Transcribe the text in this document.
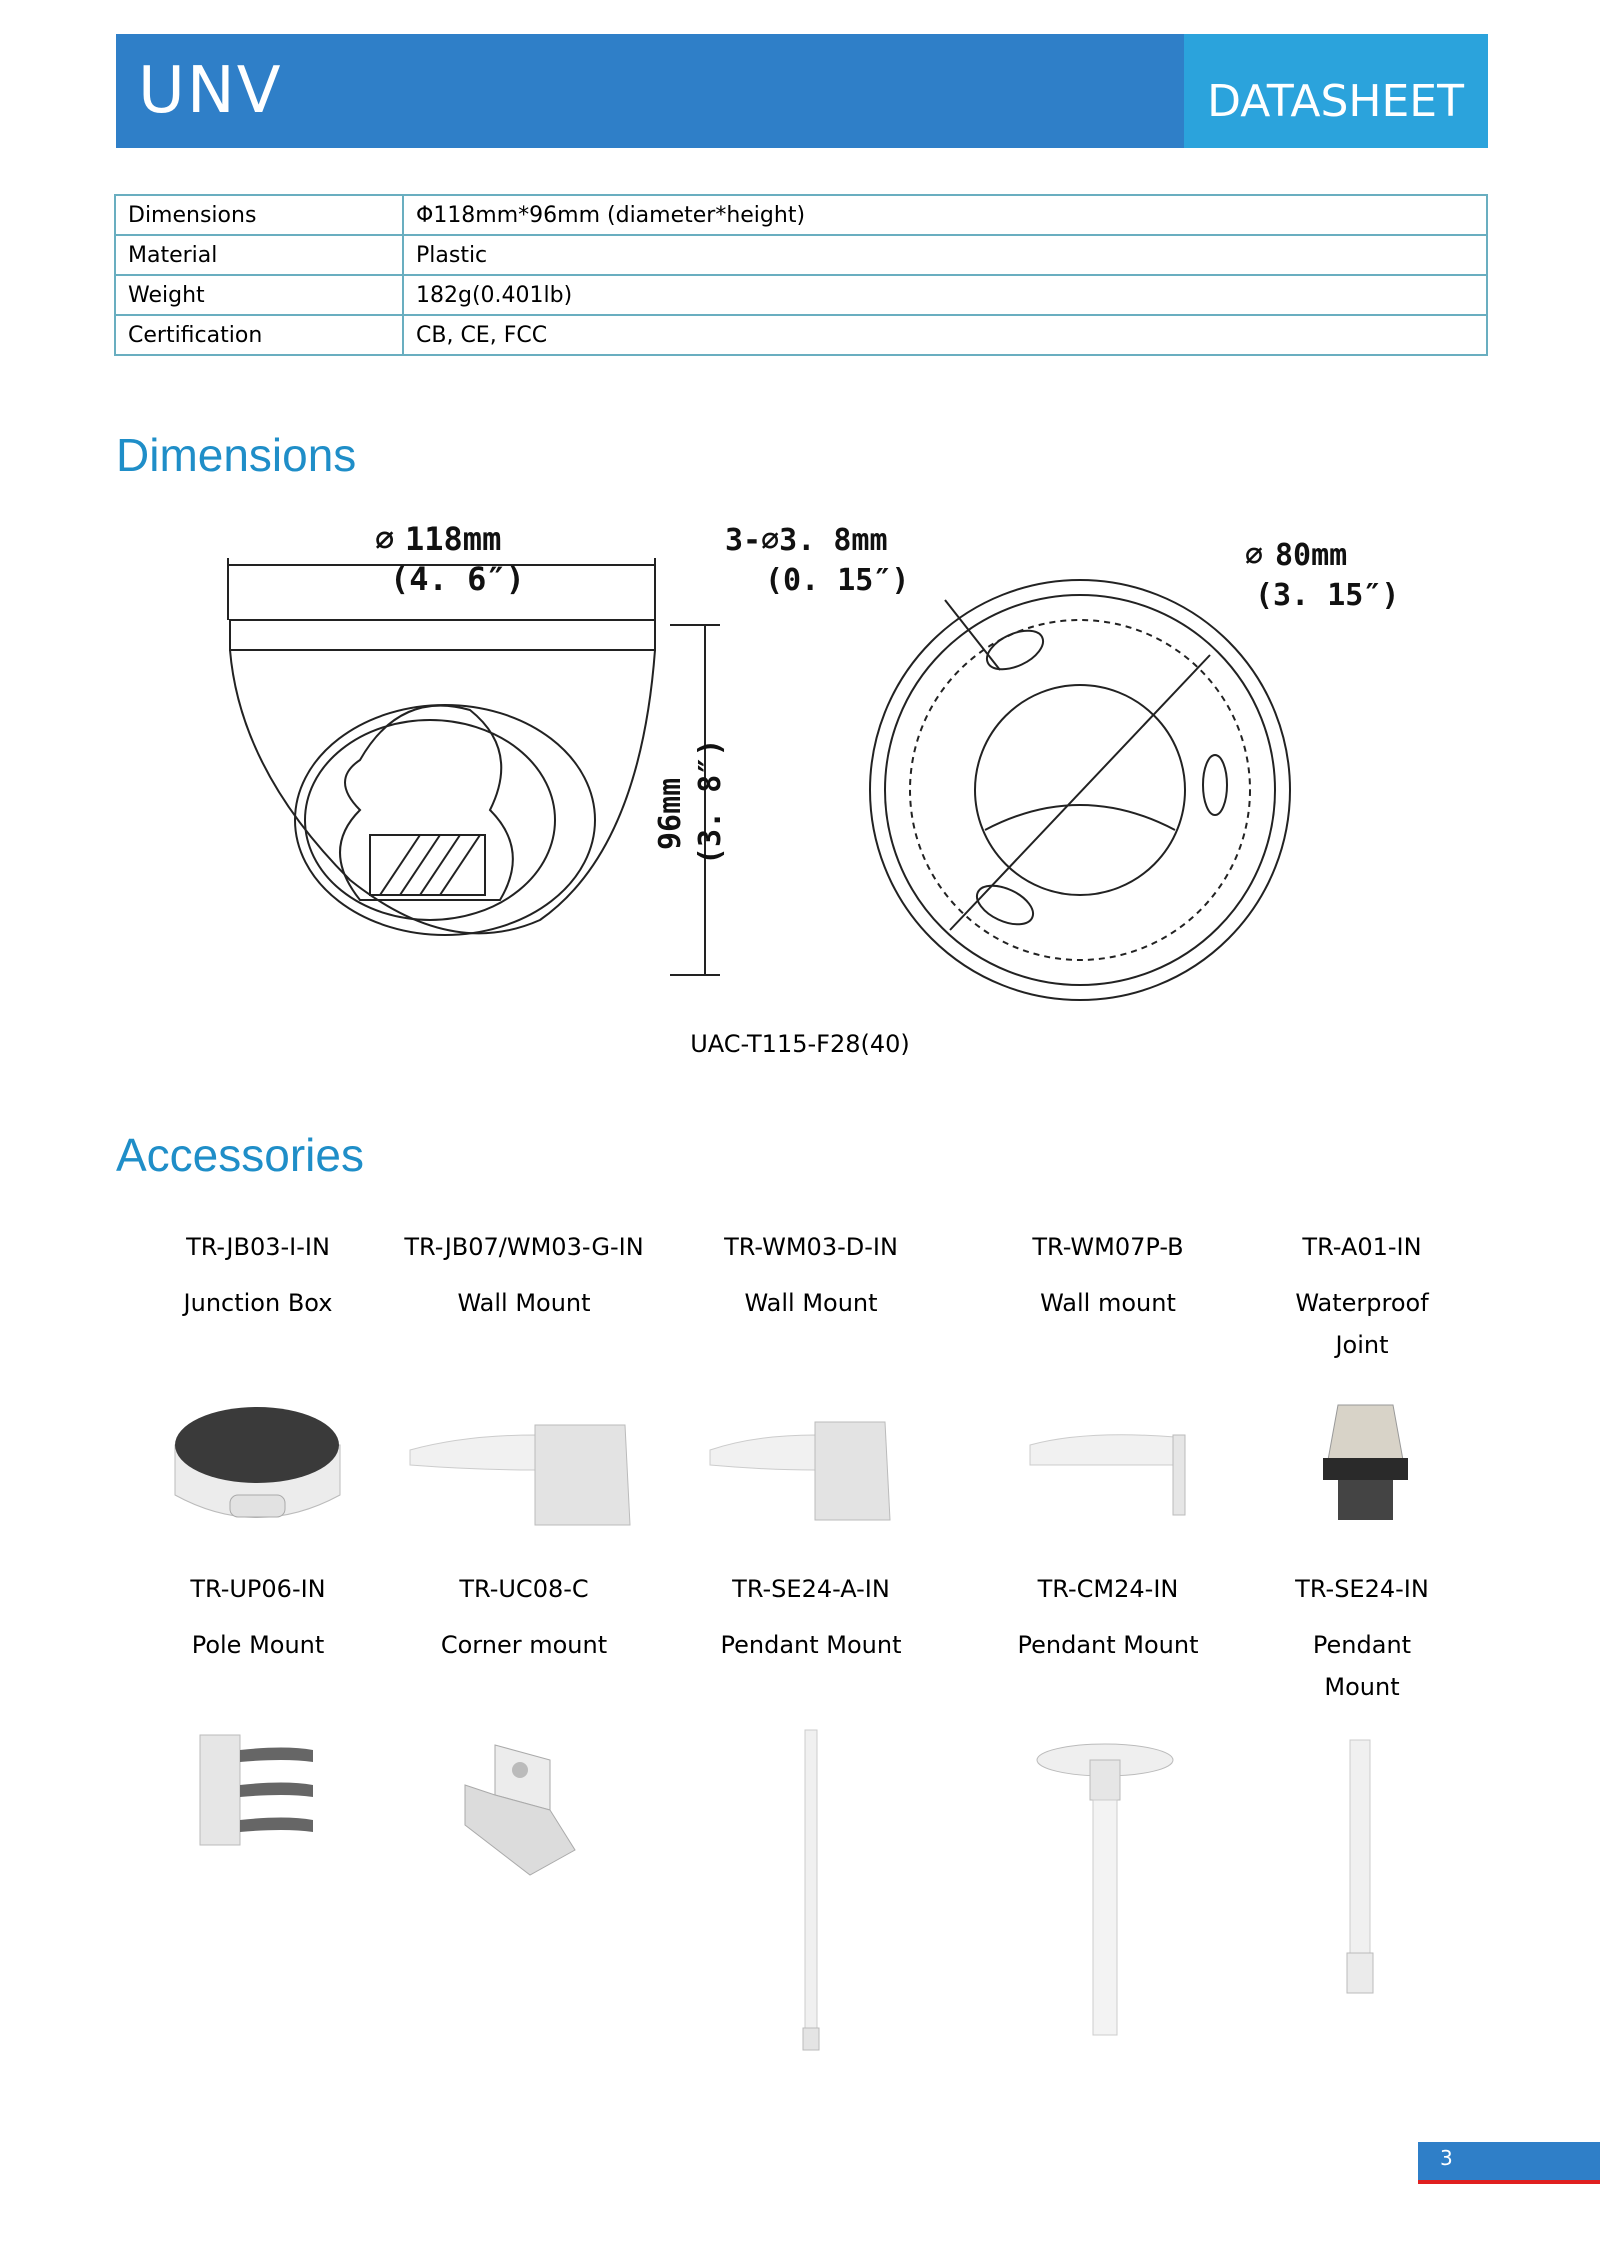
UNV	DATASHEET
Dimensions	Φ118mm*96mm (diameter*height)
Material	Plastic
Weight	182g(0.401lb)
Certification	CB, CE, FCC
Dimensions
∅ 118mm
(4. 6″)
3-∅3. 8mm
(0. 15″)
∅ 80mm
(3. 15″)
96mm (3. 8″)
UAC-T115-F28(40)
Accessories
TR-JB03-I-IN	TR-JB07/WM03-G-IN	TR-WM03-D-IN	TR-WM07P-B	TR-A01-IN
Junction Box	Wall Mount	Wall Mount	Wall mount	Waterproof Joint
TR-UP06-IN	TR-UC08-C	TR-SE24-A-IN	TR-CM24-IN	TR-SE24-IN
Pole Mount	Corner mount	Pendant Mount	Pendant Mount	Pendant Mount
3
